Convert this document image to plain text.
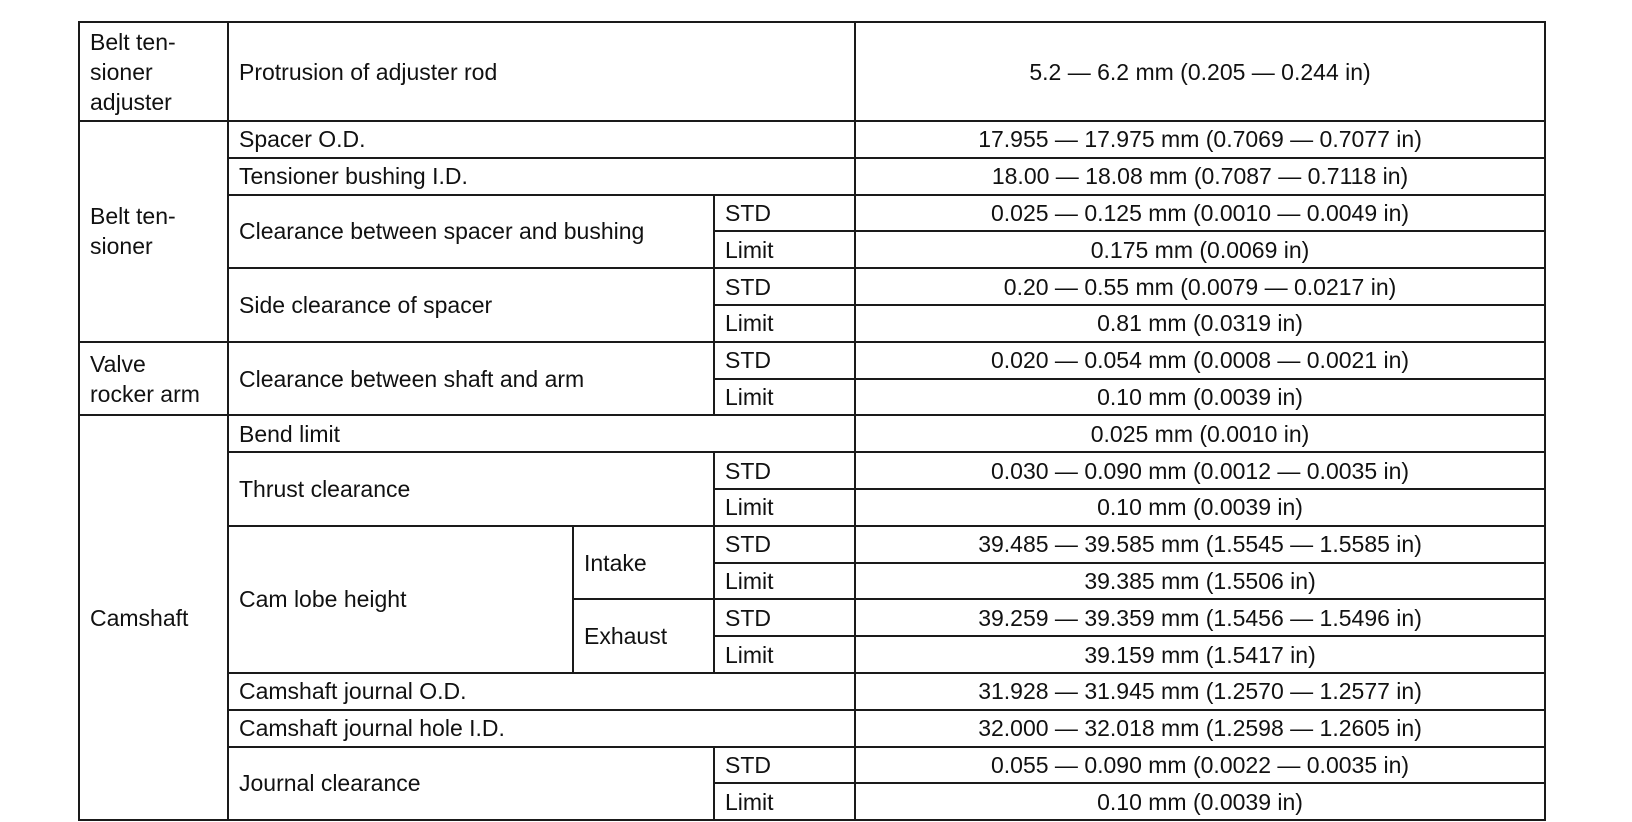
Belt ten-
sioner
adjuster	Protrusion of adjuster rod			5.2 — 6.2 mm (0.205 — 0.244 in)
Belt ten-
sioner	Spacer O.D.			17.955 — 17.975 mm (0.7069 — 0.7077 in)
	Tensioner bushing I.D.			18.00 — 18.08 mm (0.7087 — 0.7118 in)
	Clearance between spacer and bushing		STD	0.025 — 0.125 mm (0.0010 — 0.0049 in)
			Limit	0.175 mm (0.0069 in)
	Side clearance of spacer		STD	0.20 — 0.55 mm (0.0079 — 0.0217 in)
			Limit	0.81 mm (0.0319 in)
Valve
rocker arm	Clearance between shaft and arm		STD	0.020 — 0.054 mm (0.0008 — 0.0021 in)
			Limit	0.10 mm (0.0039 in)
Camshaft	Bend limit			0.025 mm (0.0010 in)
	Thrust clearance		STD	0.030 — 0.090 mm (0.0012 — 0.0035 in)
			Limit	0.10 mm (0.0039 in)
	Cam lobe height	Intake	STD	39.485 — 39.585 mm (1.5545 — 1.5585 in)
			Limit	39.385 mm (1.5506 in)
		Exhaust	STD	39.259 — 39.359 mm (1.5456 — 1.5496 in)
			Limit	39.159 mm (1.5417 in)
	Camshaft journal O.D.			31.928 — 31.945 mm (1.2570 — 1.2577 in)
	Camshaft journal hole I.D.			32.000 — 32.018 mm (1.2598 — 1.2605 in)
	Journal clearance		STD	0.055 — 0.090 mm (0.0022 — 0.0035 in)
			Limit	0.10 mm (0.0039 in)
